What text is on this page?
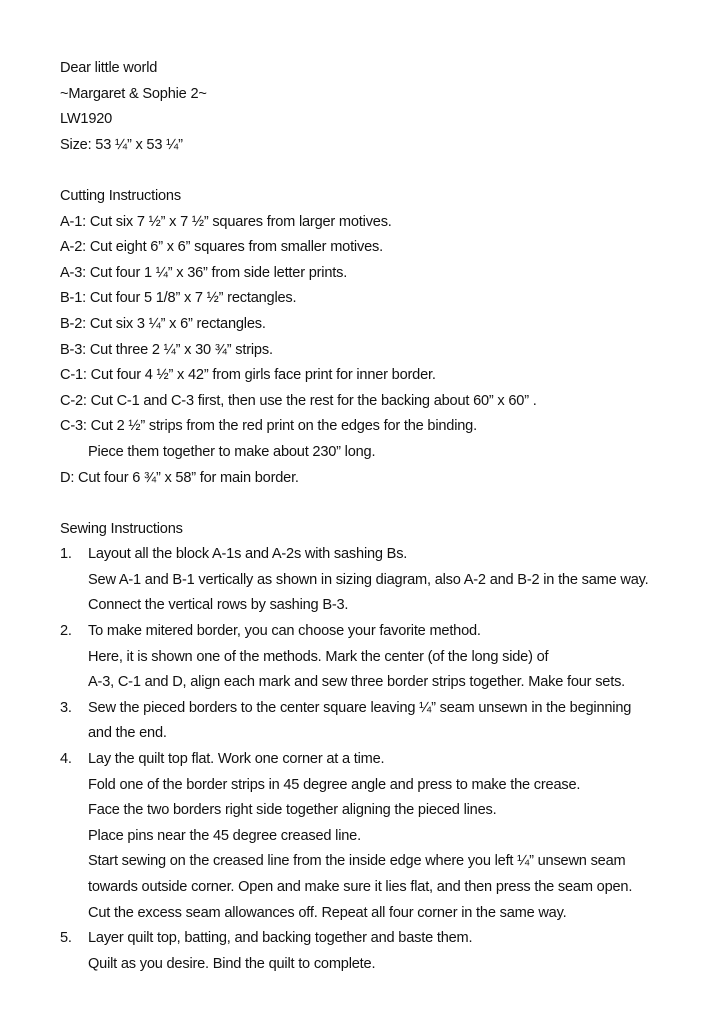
Dear little world
~Margaret & Sophie 2~
LW1920
Size: 53 ¼” x 53 ¼”
Cutting Instructions
A-1: Cut six 7 ½” x 7 ½” squares from larger motives.
A-2: Cut eight 6” x 6” squares from smaller motives.
A-3: Cut four 1 ¼” x 36” from side letter prints.
B-1: Cut four 5 1/8” x 7 ½” rectangles.
B-2: Cut six 3 ¼” x 6” rectangles.
B-3: Cut three 2 ¼” x 30 ¾” strips.
C-1: Cut four 4 ½” x 42” from girls face print for inner border.
C-2: Cut C-1 and C-3 first, then use the rest for the backing about 60” x 60” .
C-3: Cut 2 ½” strips from the red print on the edges for the binding.
Piece them together to make about 230” long.
D: Cut four 6 ¾” x 58” for main border.
Sewing Instructions
1. Layout all the block A-1s and A-2s with sashing Bs.
Sew A-1 and B-1 vertically as shown in sizing diagram, also A-2 and B-2 in the same way.
Connect the vertical rows by sashing B-3.
2. To make mitered border, you can choose your favorite method.
Here, it is shown one of the methods. Mark the center (of the long side) of
A-3, C-1 and D, align each mark and sew three border strips together. Make four sets.
3. Sew the pieced borders to the center square leaving ¼” seam unsewn in the beginning
and the end.
4. Lay the quilt top flat. Work one corner at a time.
Fold one of the border strips in 45 degree angle and press to make the crease.
Face the two borders right side together aligning the pieced lines.
Place pins near the 45 degree creased line.
Start sewing on the creased line from the inside edge where you left ¼” unsewn seam
towards outside corner. Open and make sure it lies flat, and then press the seam open.
Cut the excess seam allowances off. Repeat all four corner in the same way.
5. Layer quilt top, batting, and backing together and baste them.
Quilt as you desire. Bind the quilt to complete.
